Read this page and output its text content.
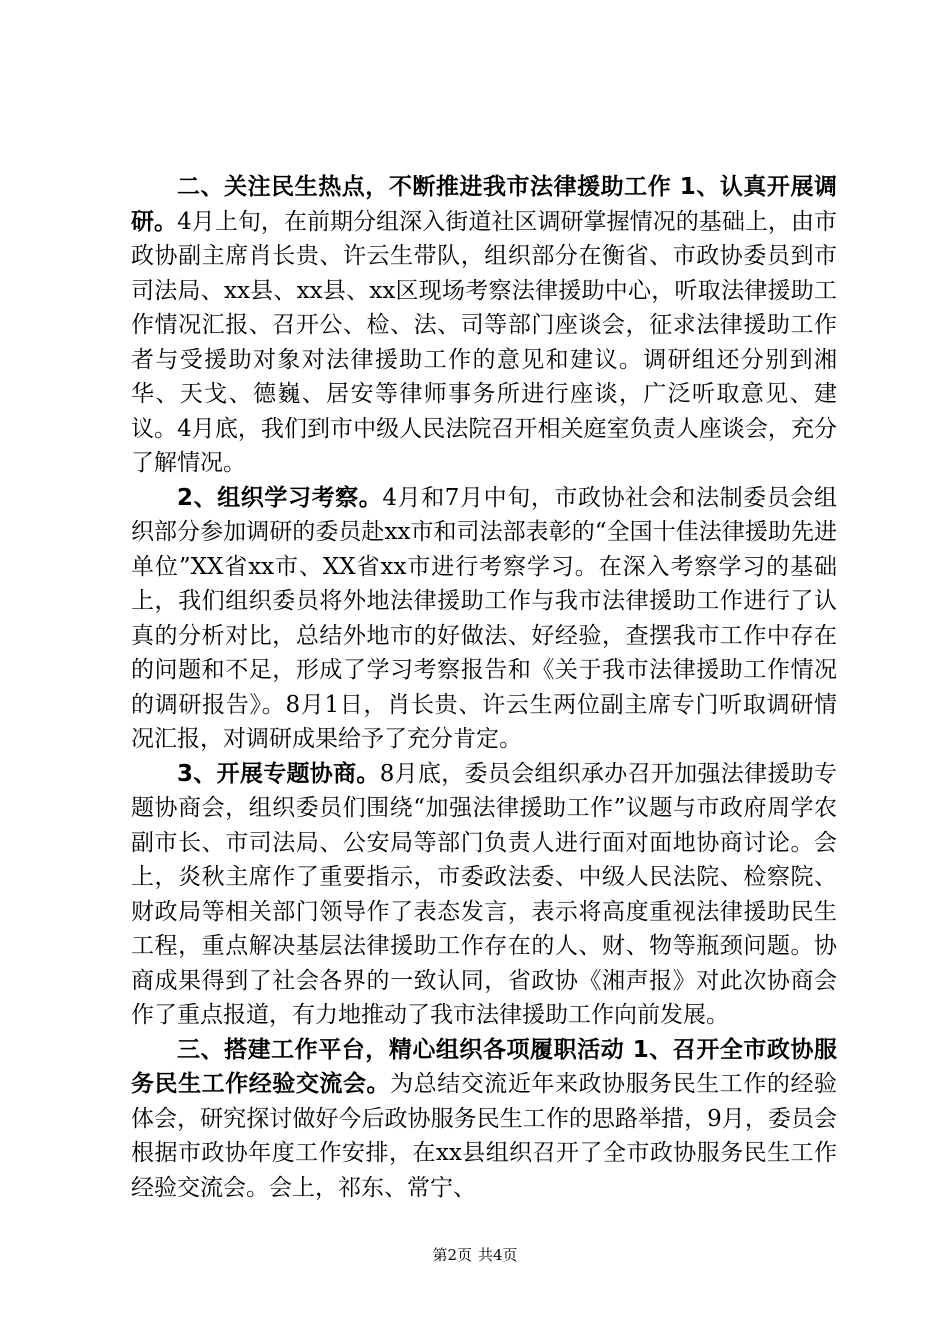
二、关注民生热点，不断推进我市法律援助工作 1、认真开展调研。4月上旬，在前期分组深入街道社区调研掌握情况的基础上，由市政协副主席肖长贵、许云生带队，组织部分在衡省、市政协委员到市司法局、xx县、xx县、xx区现场考察法律援助中心，听取法律援助工作情况汇报、召开公、检、法、司等部门座谈会，征求法律援助工作者与受援助对象对法律援助工作的意见和建议。调研组还分别到湘华、天戈、德巍、居安等律师事务所进行座谈，广泛听取意见、建议。4月底，我们到市中级人民法院召开相关庭室负责人座谈会，充分了解情况。

2、组织学习考察。4月和7月中旬，市政协社会和法制委员会组织部分参加调研的委员赴xx市和司法部表彰的“全国十佳法律援助先进单位”XX省xx市、XX省xx市进行考察学习。在深入考察学习的基础上，我们组织委员将外地法律援助工作与我市法律援助工作进行了认真的分析对比，总结外地市的好做法、好经验，查摆我市工作中存在的问题和不足，形成了学习考察报告和《关于我市法律援助工作情况的调研报告》。8月1日，肖长贵、许云生两位副主席专门听取调研情况汇报，对调研成果给予了充分肯定。

3、开展专题协商。8月底，委员会组织承办召开加强法律援助专题协商会，组织委员们围绕“加强法律援助工作”议题与市政府周学农副市长、市司法局、公安局等部门负责人进行面对面地协商讨论。会上，炎秋主席作了重要指示，市委政法委、中级人民法院、检察院、财政局等相关部门领导作了表态发言，表示将高度重视法律援助民生工程，重点解决基层法律援助工作存在的人、财、物等瓶颈问题。协商成果得到了社会各界的一致认同，省政协《湘声报》对此次协商会作了重点报道，有力地推动了我市法律援助工作向前发展。

三、搭建工作平台，精心组织各项履职活动 1、召开全市政协服务民生工作经验交流会。为总结交流近年来政协服务民生工作的经验体会，研究探讨做好今后政协服务民生工作的思路举措，9月，委员会根据市政协年度工作安排，在xx县组织召开了全市政协服务民生工作经验交流会。会上，祁东、常宁、

第2页 共4页
